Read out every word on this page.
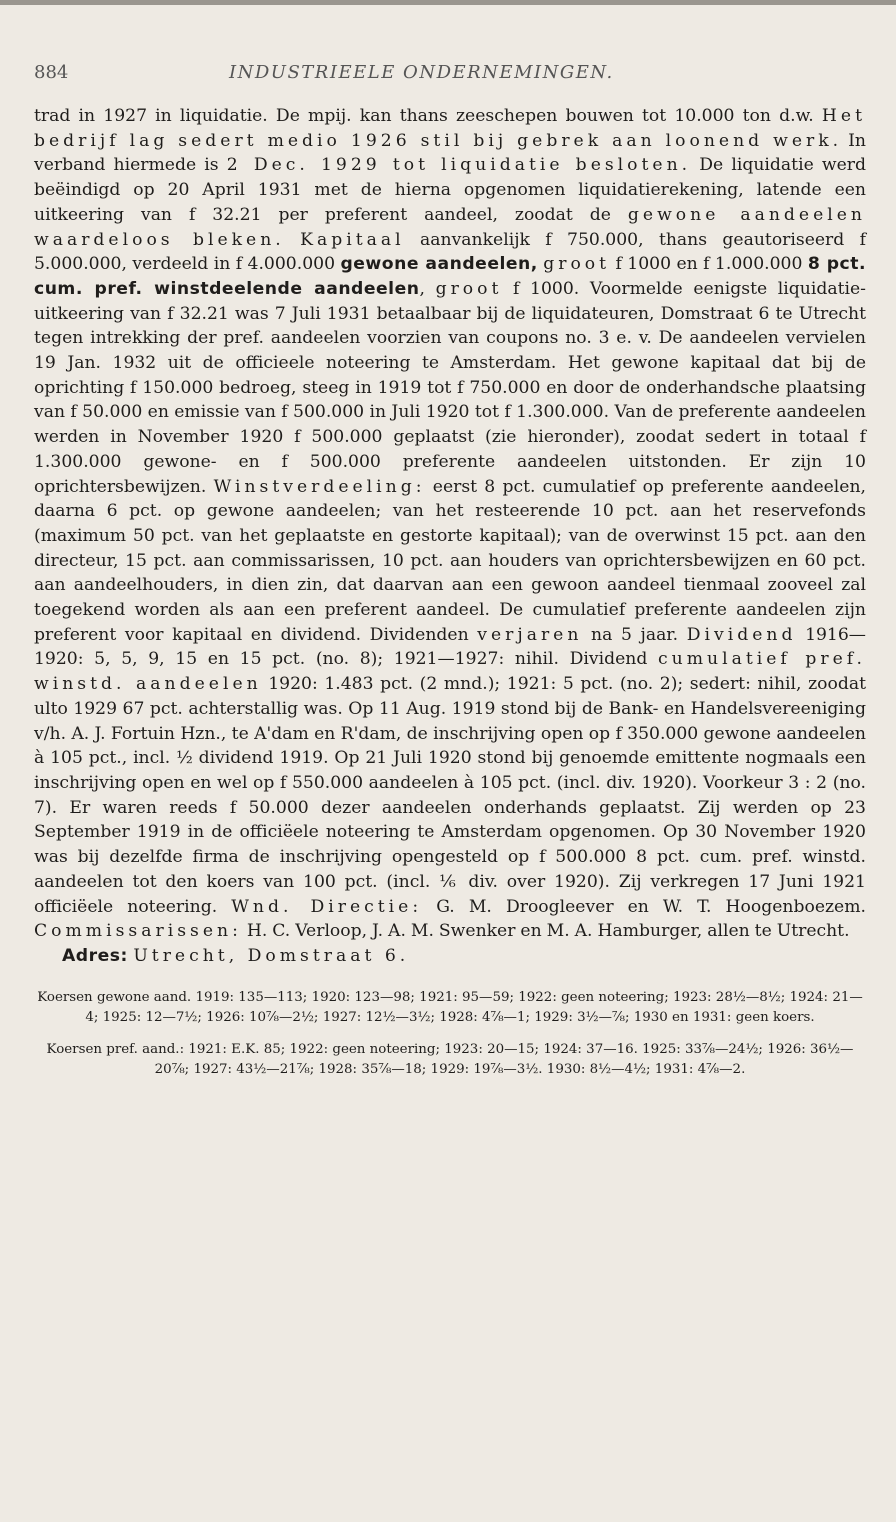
884	INDUSTRIEELE ONDERNEMINGEN.

trad in 1927 in liquidatie. De mpij. kan thans zeeschepen bouwen tot 10.000 ton d.w. Het bedrijf lag sedert medio 1926 stil bij gebrek aan loonend werk. In verband hiermede is 2 Dec. 1929 tot liquidatie besloten. De liquidatie werd beëindigd op 20 April 1931 met de hierna opgenomen liquidatierekening, latende een uitkeering van f 32.21 per preferent aandeel, zoodat de gewone aandeelen waardeloos bleken. Kapitaal aanvankelijk f 750.000, thans geautoriseerd f 5.000.000, verdeeld in f 4.000.000 gewone aandeelen, groot f 1000 en f 1.000.000 8 pct. cum. pref. winstdeelende aandeelen, groot f 1000. Voormelde eenigste liquidatie-uitkeering van f 32.21 was 7 Juli 1931 betaalbaar bij de liquidateuren, Domstraat 6 te Utrecht tegen intrekking der pref. aandeelen voorzien van coupons no. 3 e. v. De aandeelen vervielen 19 Jan. 1932 uit de officieele noteering te Amsterdam. Het gewone kapitaal dat bij de oprichting f 150.000 bedroeg, steeg in 1919 tot f 750.000 en door de onderhandsche plaatsing van f 50.000 en emissie van f 500.000 in Juli 1920 tot f 1.300.000. Van de preferente aandeelen werden in November 1920 f 500.000 geplaatst (zie hieronder), zoodat sedert in totaal f 1.300.000 gewone- en f 500.000 preferente aandeelen uitstonden. Er zijn 10 oprichtersbewijzen. Winstverdeeling: eerst 8 pct. cumulatief op preferente aandeelen, daarna 6 pct. op gewone aandeelen; van het resteerende 10 pct. aan het reservefonds (maximum 50 pct. van het geplaatste en gestorte kapitaal); van de overwinst 15 pct. aan den directeur, 15 pct. aan commissarissen, 10 pct. aan houders van oprichtersbewijzen en 60 pct. aan aandeelhouders, in dien zin, dat daarvan aan een gewoon aandeel tienmaal zooveel zal toegekend worden als aan een preferent aandeel. De cumulatief preferente aandeelen zijn preferent voor kapitaal en dividend. Dividenden verjaren na 5 jaar. Dividend 1916—1920: 5, 5, 9, 15 en 15 pct. (no. 8); 1921—1927: nihil. Dividend cumulatief pref. winstd. aandeelen 1920: 1.483 pct. (2 mnd.); 1921: 5 pct. (no. 2); sedert: nihil, zoodat ulto 1929 67 pct. achterstallig was. Op 11 Aug. 1919 stond bij de Bank- en Handelsvereeniging v/h. A. J. Fortuin Hzn., te A'dam en R'dam, de inschrijving open op f 350.000 gewone aandeelen à 105 pct., incl. ½ dividend 1919. Op 21 Juli 1920 stond bij genoemde emittente nogmaals een inschrijving open en wel op f 550.000 aandeelen à 105 pct. (incl. div. 1920). Voorkeur 3 : 2 (no. 7). Er waren reeds f 50.000 dezer aandeelen onderhands geplaatst. Zij werden op 23 September 1919 in de officiëele noteering te Amsterdam opgenomen. Op 30 November 1920 was bij dezelfde firma de inschrijving opengesteld op f 500.000 8 pct. cum. pref. winstd. aandeelen tot den koers van 100 pct. (incl. ⅙ div. over 1920). Zij verkregen 17 Juni 1921 officiëele noteering. Wnd. Directie: G. M. Droogleever en W. T. Hoogenboezem. Commissarissen: H. C. Verloop, J. A. M. Swenker en M. A. Hamburger, allen te Utrecht.

Adres: Utrecht, Domstraat 6.

Koersen gewone aand. 1919: 135—113; 1920: 123—98; 1921: 95—59; 1922: geen noteering; 1923: 28½—8½; 1924: 21—4; 1925: 12—7½; 1926: 10⅞—2½; 1927: 12½—3½; 1928: 4⅞—1; 1929: 3½—⅞; 1930 en 1931: geen koers.

Koersen pref. aand.: 1921: E.K. 85; 1922: geen noteering; 1923: 20—15; 1924: 37—16. 1925: 33⅞—24½; 1926: 36½—20⅞; 1927: 43½—21⅞; 1928: 35⅞—18; 1929: 19⅞—3½. 1930: 8½—4½; 1931: 4⅞—2.
